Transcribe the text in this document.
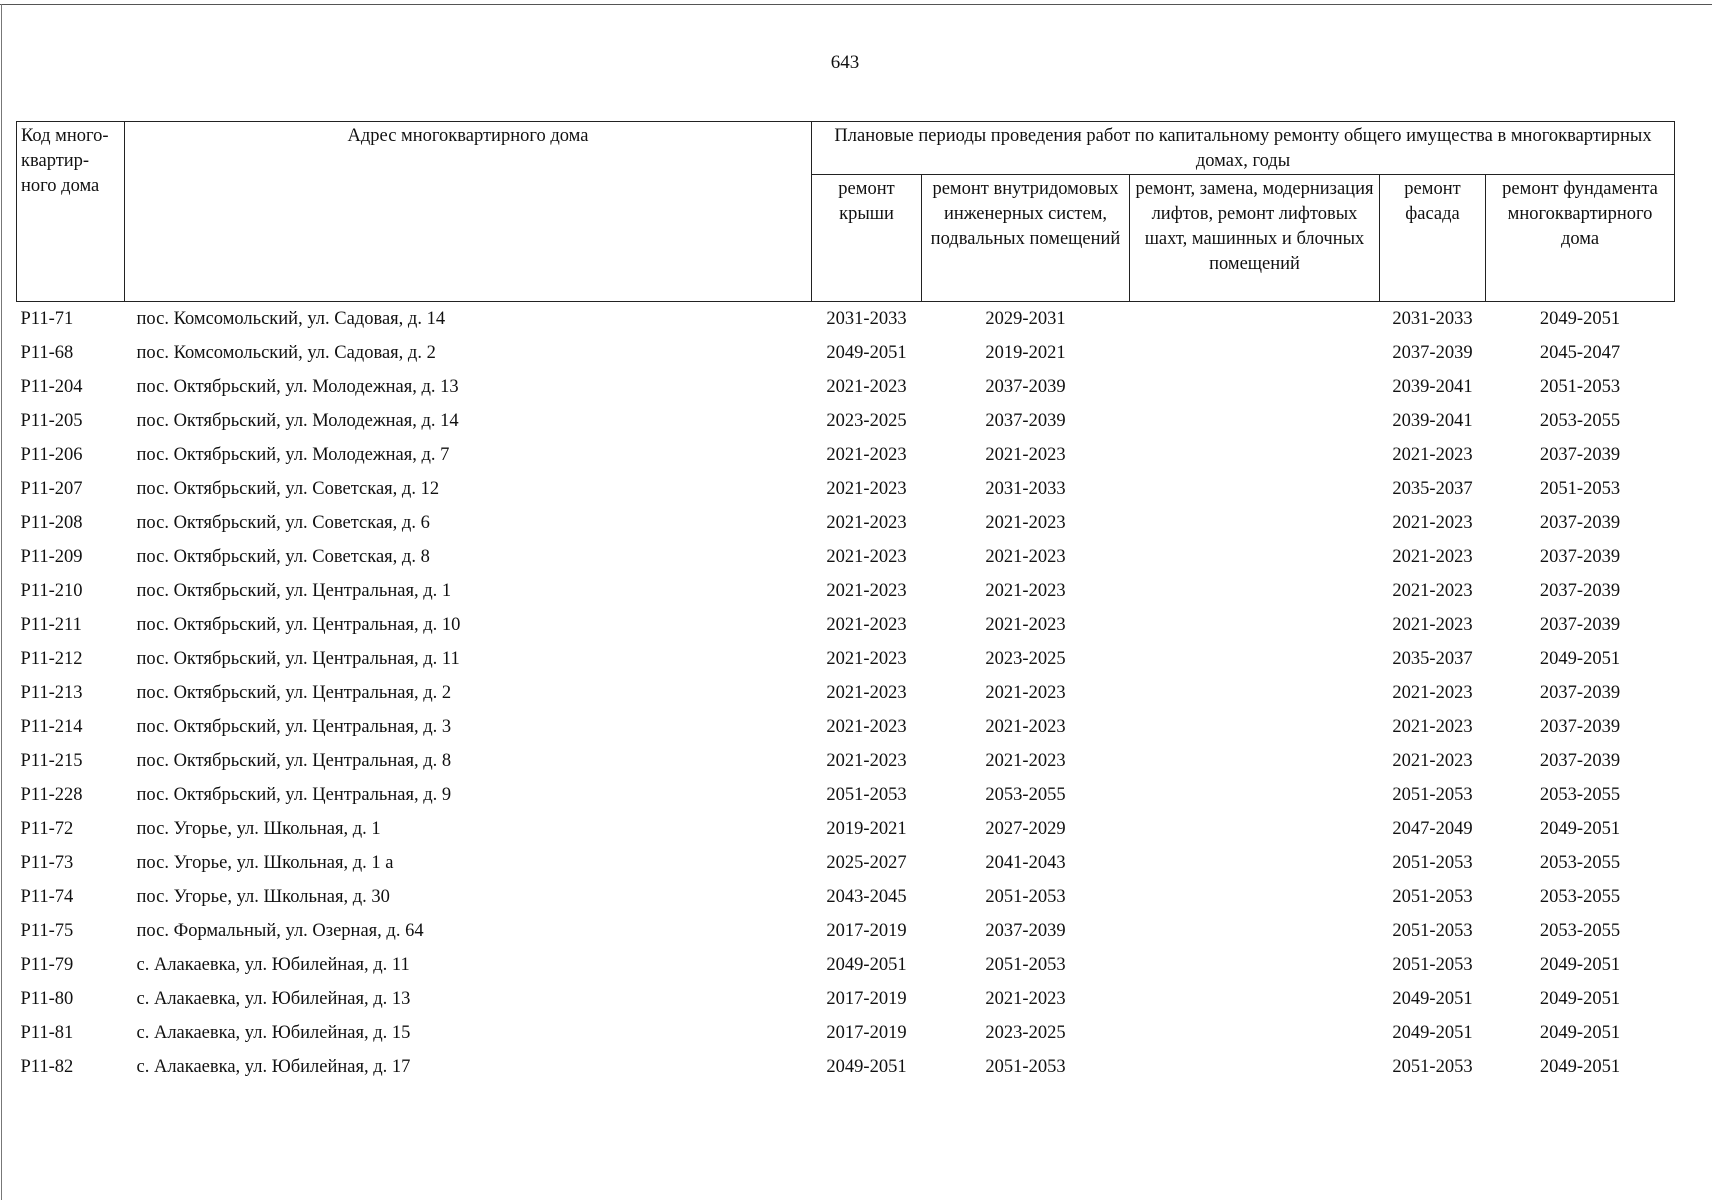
643
Код много-квартир-ного дома	Адрес многоквартирного дома	Плановые периоды проведения работ по капитальному ремонту общего имущества в многоквартирных домах, годы				
		ремонт крыши	ремонт внутридомовых инженерных систем, подвальных помещений	ремонт, замена, модернизация лифтов, ремонт лифтовых шахт, машинных и блочных помещений	ремонт фасада	ремонт фундамента многоквартирного дома
Р11-71	пос. Комсомольский, ул. Садовая, д. 14	2031-2033	2029-2031		2031-2033	2049-2051
Р11-68	пос. Комсомольский, ул. Садовая, д. 2	2049-2051	2019-2021		2037-2039	2045-2047
Р11-204	пос. Октябрьский, ул. Молодежная, д. 13	2021-2023	2037-2039		2039-2041	2051-2053
Р11-205	пос. Октябрьский, ул. Молодежная, д. 14	2023-2025	2037-2039		2039-2041	2053-2055
Р11-206	пос. Октябрьский, ул. Молодежная, д. 7	2021-2023	2021-2023		2021-2023	2037-2039
Р11-207	пос. Октябрьский, ул. Советская, д. 12	2021-2023	2031-2033		2035-2037	2051-2053
Р11-208	пос. Октябрьский, ул. Советская, д. 6	2021-2023	2021-2023		2021-2023	2037-2039
Р11-209	пос. Октябрьский, ул. Советская, д. 8	2021-2023	2021-2023		2021-2023	2037-2039
Р11-210	пос. Октябрьский, ул. Центральная, д. 1	2021-2023	2021-2023		2021-2023	2037-2039
Р11-211	пос. Октябрьский, ул. Центральная, д. 10	2021-2023	2021-2023		2021-2023	2037-2039
Р11-212	пос. Октябрьский, ул. Центральная, д. 11	2021-2023	2023-2025		2035-2037	2049-2051
Р11-213	пос. Октябрьский, ул. Центральная, д. 2	2021-2023	2021-2023		2021-2023	2037-2039
Р11-214	пос. Октябрьский, ул. Центральная, д. 3	2021-2023	2021-2023		2021-2023	2037-2039
Р11-215	пос. Октябрьский, ул. Центральная, д. 8	2021-2023	2021-2023		2021-2023	2037-2039
Р11-228	пос. Октябрьский, ул. Центральная, д. 9	2051-2053	2053-2055		2051-2053	2053-2055
Р11-72	пос. Угорье, ул. Школьная, д. 1	2019-2021	2027-2029		2047-2049	2049-2051
Р11-73	пос. Угорье, ул. Школьная, д. 1 а	2025-2027	2041-2043		2051-2053	2053-2055
Р11-74	пос. Угорье, ул. Школьная, д. 30	2043-2045	2051-2053		2051-2053	2053-2055
Р11-75	пос. Формальный, ул. Озерная, д. 64	2017-2019	2037-2039		2051-2053	2053-2055
Р11-79	с. Алакаевка, ул. Юбилейная, д. 11	2049-2051	2051-2053		2051-2053	2049-2051
Р11-80	с. Алакаевка, ул. Юбилейная, д. 13	2017-2019	2021-2023		2049-2051	2049-2051
Р11-81	с. Алакаевка, ул. Юбилейная, д. 15	2017-2019	2023-2025		2049-2051	2049-2051
Р11-82	с. Алакаевка, ул. Юбилейная, д. 17	2049-2051	2051-2053		2051-2053	2049-2051
